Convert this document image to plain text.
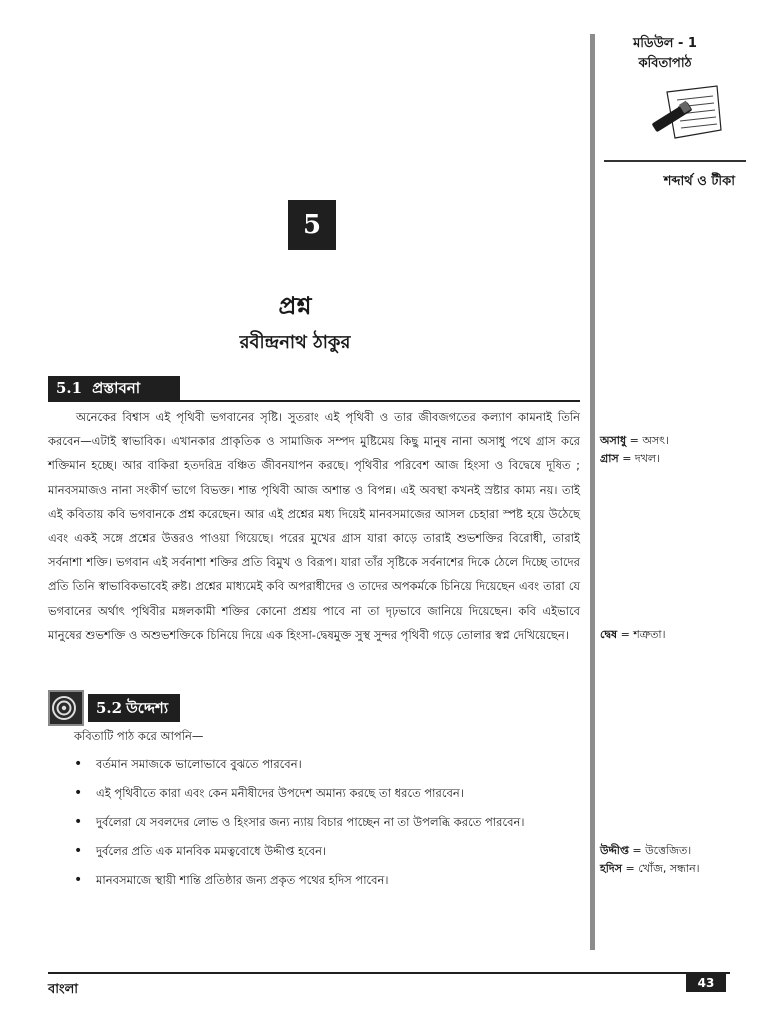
মডিউল - 1
কবিতাপাঠ
শব্দার্থ ও টীকা
5
প্রশ্ন
রবীন্দ্রনাথ ঠাকুর
5.1 প্রস্তাবনা

অনেকের বিশ্বাস এই পৃথিবী ভগবানের সৃষ্টি। সুতরাং এই পৃথিবী ও তার জীবজগতের কল্যাণ কামনাই তিনি করবেন—এটাই স্বাভাবিক। এখানকার প্রাকৃতিক ও সামাজিক সম্পদ মুষ্টিমেয় কিছু মানুষ নানা অসাধু পথে গ্রাস করে শক্তিমান হচ্ছে। আর বাকিরা হতদরিদ্র বঞ্চিত জীবনযাপন করছে। পৃথিবীর পরিবেশ আজ হিংসা ও বিদ্বেষে দূষিত ; মানবসমাজও নানা সংকীর্ণ ভাগে বিভক্ত। শান্ত পৃথিবী আজ অশান্ত ও বিপন্ন। এই অবস্থা কখনই স্রষ্টার কাম্য নয়। তাই এই কবিতায় কবি ভগবানকে প্রশ্ন করেছেন। আর এই প্রশ্নের মধ্য দিয়েই মানবসমাজের আসল চেহারা স্পষ্ট হয়ে উঠেছে এবং একই সঙ্গে প্রশ্নের উত্তরও পাওয়া গিয়েছে। পরের মুখের গ্রাস যারা কাড়ে তারাই শুভশক্তির বিরোধী, তারাই সর্বনাশা শক্তি। ভগবান এই সর্বনাশা শক্তির প্রতি বিমুখ ও বিরূপ। যারা তাঁর সৃষ্টিকে সর্বনাশের দিকে ঠেলে দিচ্ছে তাদের প্রতি তিনি স্বাভাবিকভাবেই রুষ্ট। প্রশ্নের মাধ্যমেই কবি অপরাধীদের ও তাদের অপকর্মকে চিনিয়ে দিয়েছেন এবং তারা যে ভগবানের অর্থাৎ পৃথিবীর মঙ্গলকামী শক্তির কোনো প্রশ্রয় পাবে না তা দৃঢ়ভাবে জানিয়ে দিয়েছেন। কবি এইভাবে মানুষের শুভশক্তি ও অশুভশক্তিকে চিনিয়ে দিয়ে এক হিংসা-দ্বেষমুক্ত সুস্থ সুন্দর পৃথিবী গড়ে তোলার স্বপ্ন দেখিয়েছেন।

অসাধু = অসৎ।
গ্রাস = দখল।
দ্বেষ = শত্রুতা।
উদ্দীপ্ত = উত্তেজিত।
হদিস = খোঁজ, সন্ধান।
5.2 উদ্দেশ্য
কবিতাটি পাঠ করে আপনি—
• বর্তমান সমাজকে ভালোভাবে বুঝতে পারবেন।
• এই পৃথিবীতে কারা এবং কেন মনীষীদের উপদেশ অমান্য করছে তা ধরতে পারবেন।
• দুর্বলেরা যে সবলদের লোভ ও হিংসার জন্য ন্যায় বিচার পাচ্ছেন না তা উপলব্ধি করতে পারবেন।
• দুর্বলের প্রতি এক মানবিক মমত্ববোধে উদ্দীপ্ত হবেন।
• মানবসমাজে স্থায়ী শান্তি প্রতিষ্ঠার জন্য প্রকৃত পথের হদিস পাবেন।
বাংলা	43
